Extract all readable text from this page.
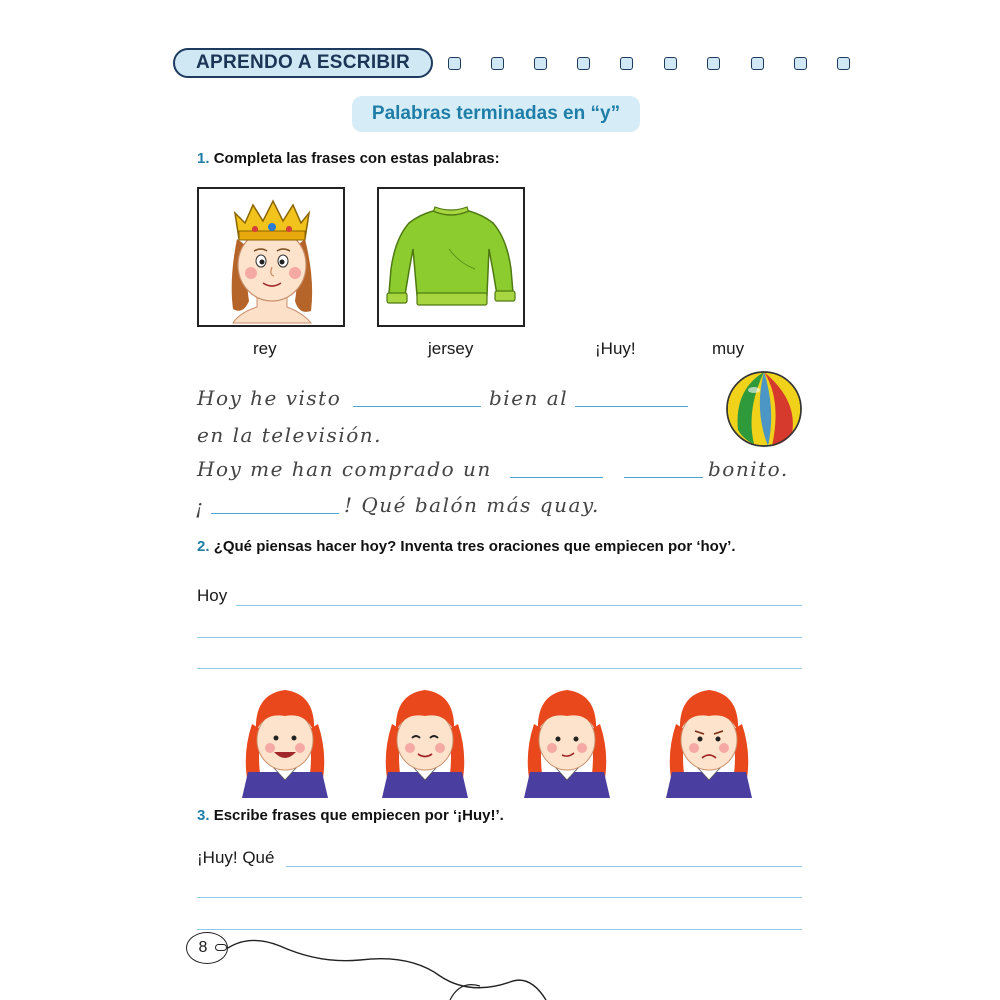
APRENDO A ESCRIBIR
Palabras terminadas en “y”
1. Completa las frases con estas palabras:
rey	jersey	¡Huy!	muy
Hoy he visto	bien al
en la televisión.
Hoy me han comprado un	bonito.
¡	! Qué balón más quay.
2. ¿Qué piensas hacer hoy? Inventa tres oraciones que empiecen por ‘hoy’.
Hoy
3. Escribe frases que empiecen por ‘¡Huy!’.
¡Huy! Qué
8
